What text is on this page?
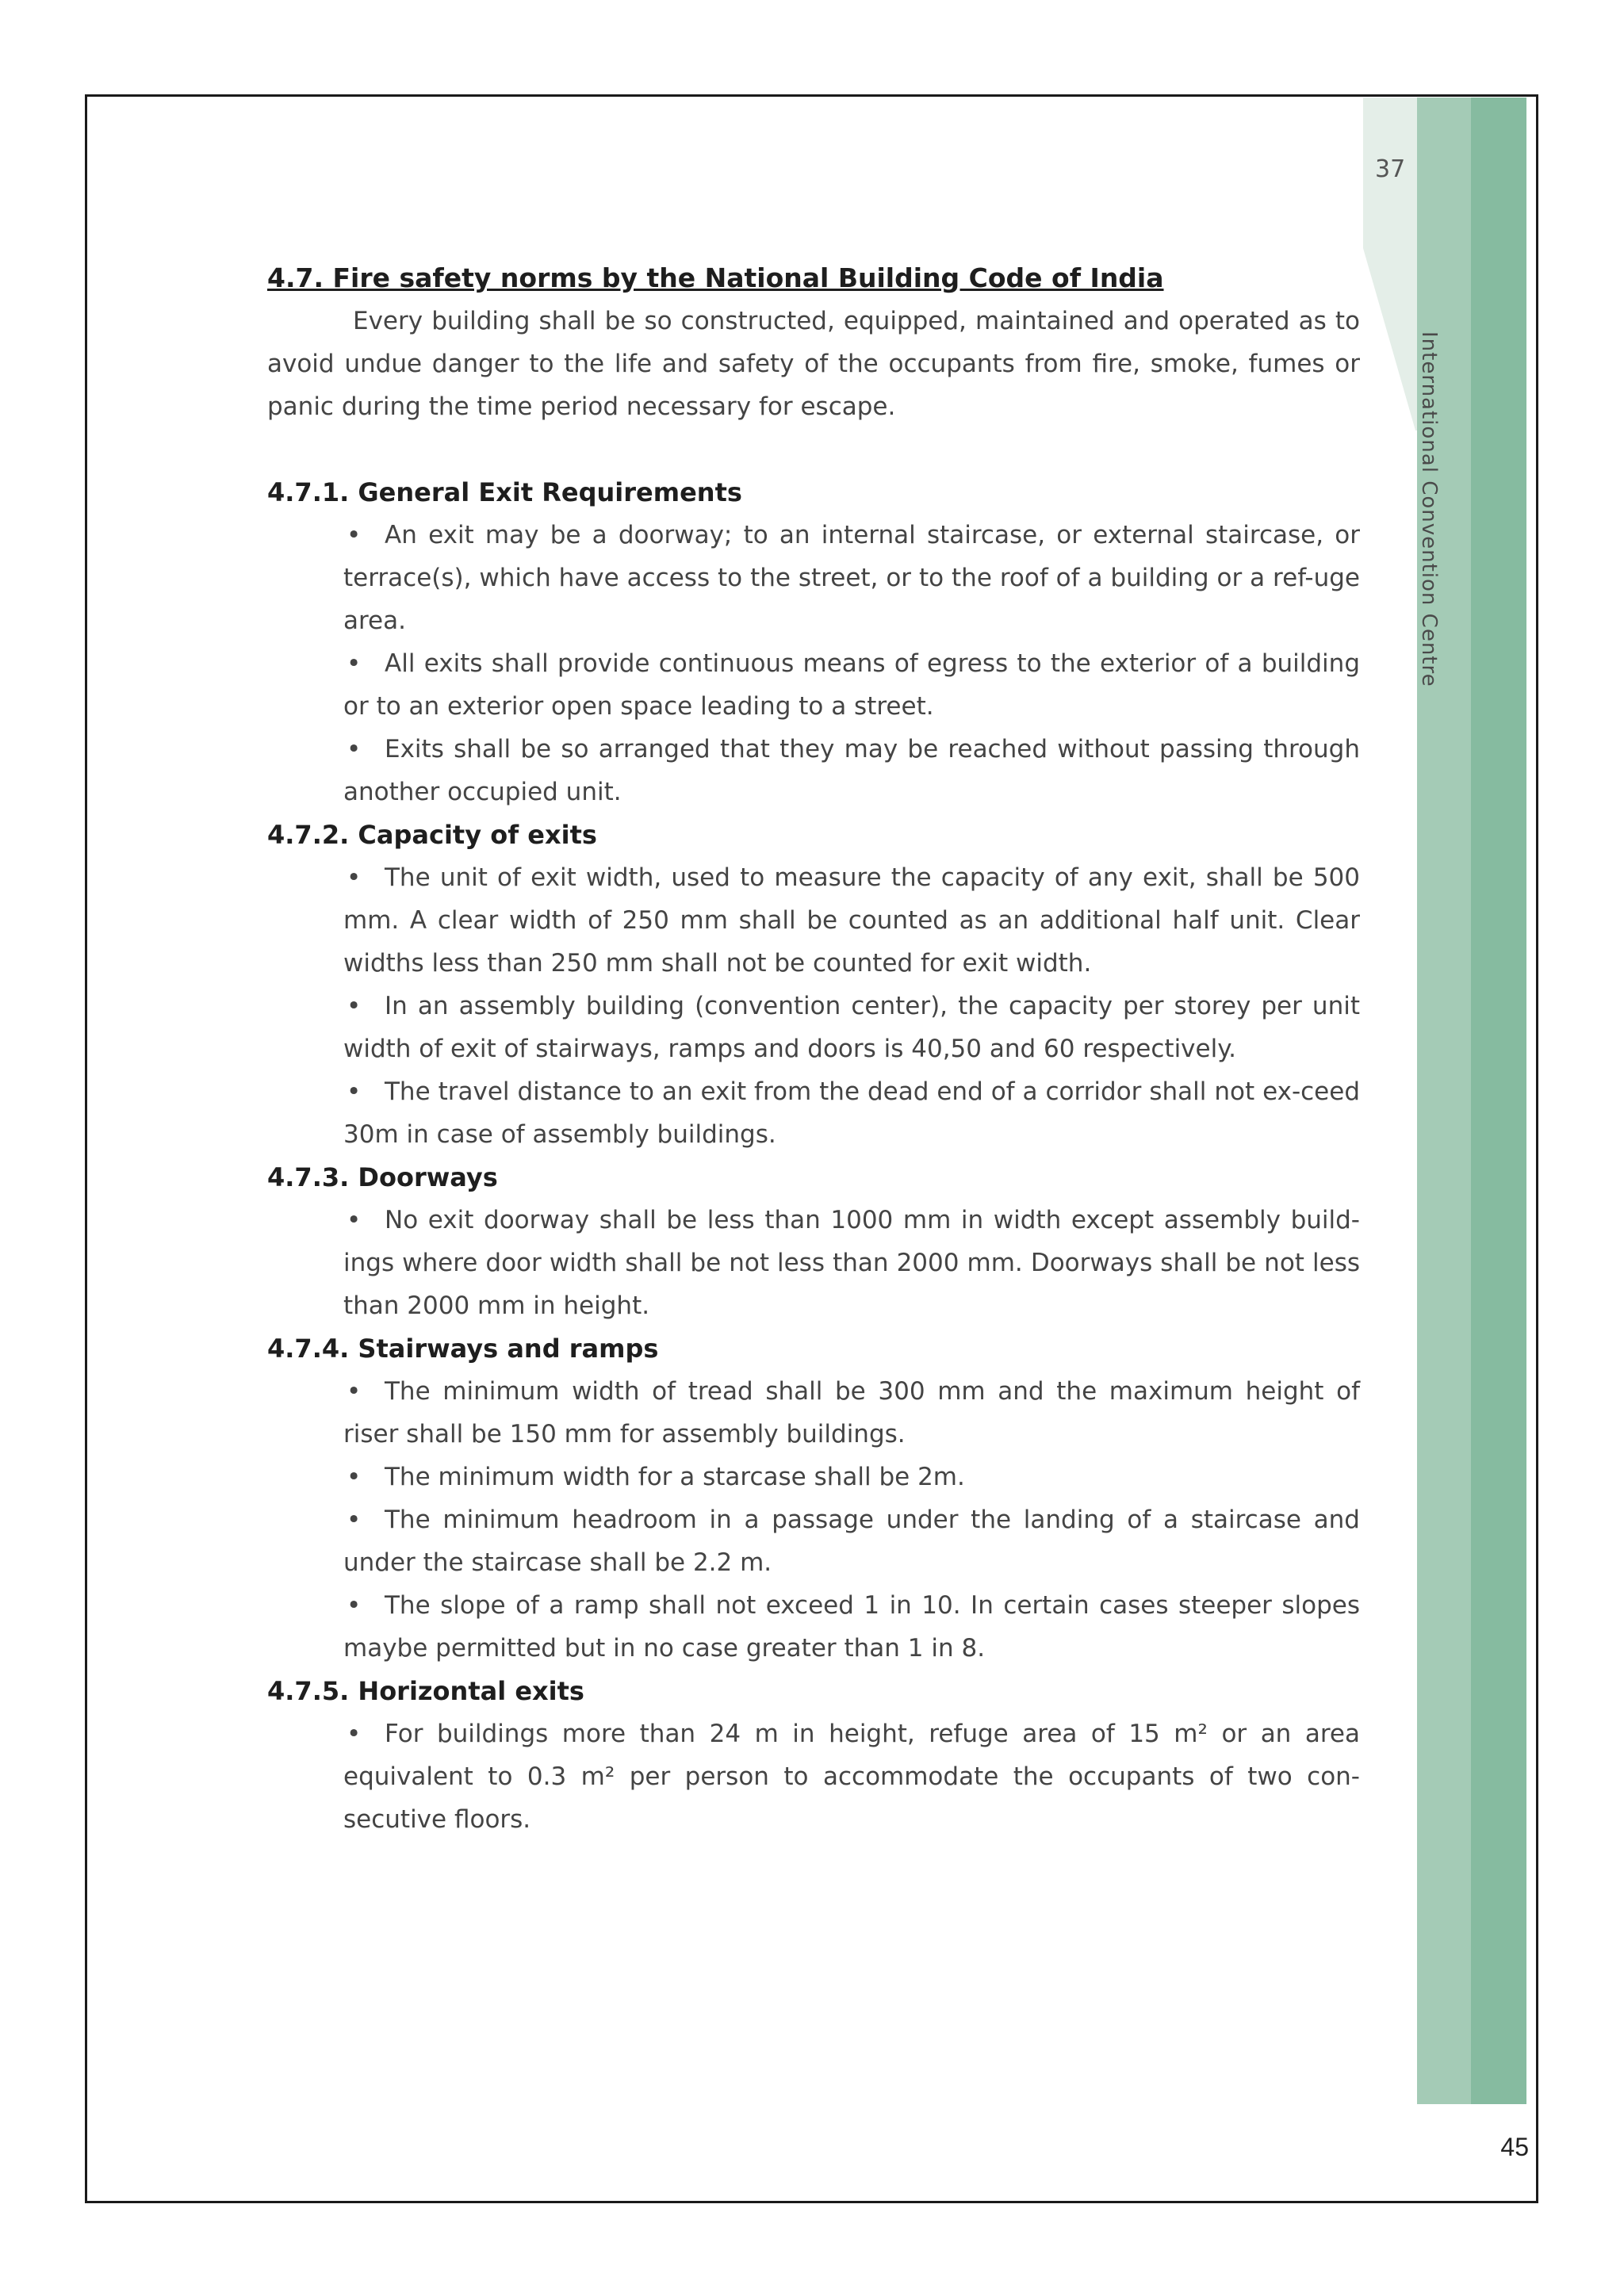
International Convention Centre
37

4.7. Fire safety norms by the National Building Code of India

Every building shall be so constructed, equipped, maintained and operated as to avoid undue danger to the life and safety of the occupants from fire, smoke, fumes or panic during the time period necessary for escape.

4.7.1. General Exit Requirements

• An exit may be a doorway; to an internal staircase, or external staircase, or terrace(s), which have access to the street, or to the roof of a building or a ref-uge area.
• All exits shall provide continuous means of egress to the exterior of a building or to an exterior open space leading to a street.
• Exits shall be so arranged that they may be reached without passing through another occupied unit.

4.7.2. Capacity of exits

• The unit of exit width, used to measure the capacity of any exit, shall be 500 mm. A clear width of 250 mm shall be counted as an additional half unit. Clear widths less than 250 mm shall not be counted for exit width.
• In an assembly building (convention center), the capacity per storey per unit width of exit of stairways, ramps and doors is 40,50 and 60 respectively.
• The travel distance to an exit from the dead end of a corridor shall not ex-ceed 30m in case of assembly buildings.

4.7.3. Doorways

• No exit doorway shall be less than 1000 mm in width except assembly build-ings where door width shall be not less than 2000 mm. Doorways shall be not less than 2000 mm in height.

4.7.4. Stairways and ramps

• The minimum width of tread shall be 300 mm and the maximum height of riser shall be 150 mm for assembly buildings.
• The minimum width for a starcase shall be 2m.
• The minimum headroom in a passage under the landing of a staircase and under the staircase shall be 2.2 m.
• The slope of a ramp shall not exceed 1 in 10. In certain cases steeper slopes maybe permitted but in no case greater than 1 in 8.

4.7.5. Horizontal exits

• For buildings more than 24 m in height, refuge area of 15 m² or an area equivalent to 0.3 m² per person to accommodate the occupants of two con-secutive floors.
45
